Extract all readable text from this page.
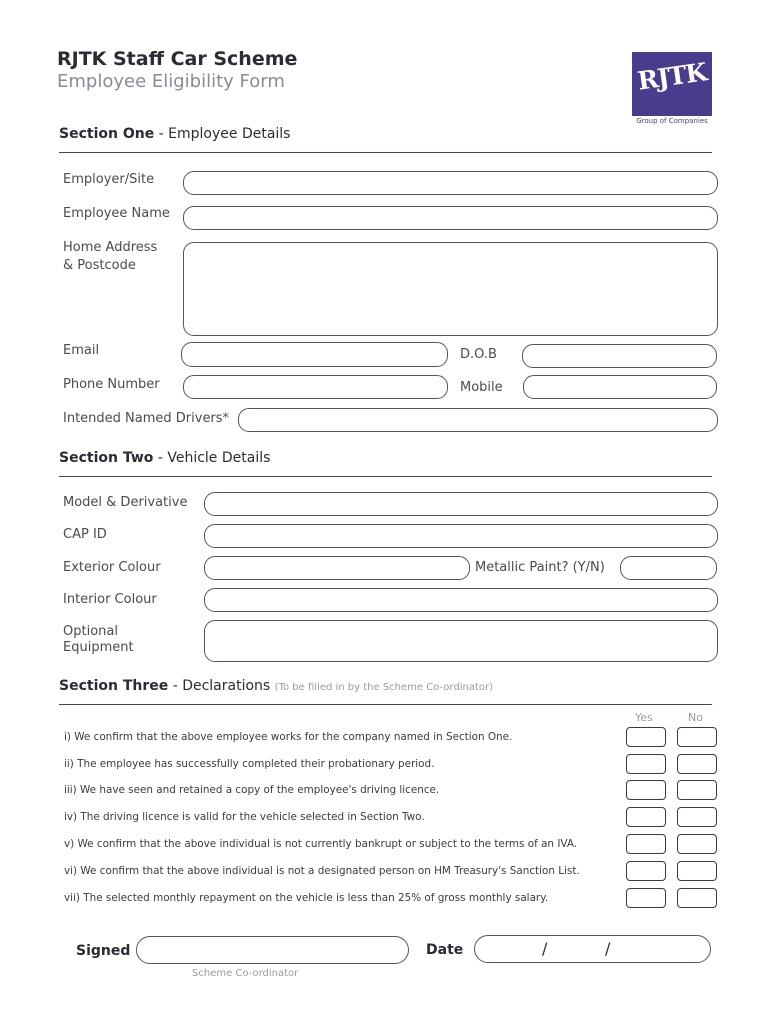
RJTK Staff Car Scheme
Employee Eligibility Form	RJTK
Group of Companies
Section One - Employee Details
Employer/Site
Employee Name
Home Address
& Postcode
Email	D.O.B
Phone Number	Mobile
Intended Named Drivers*
Section Two - Vehicle Details
Model & Derivative
CAP ID
Exterior Colour	Metallic Paint? (Y/N)
Interior Colour
Optional
Equipment
Section Three - Declarations (To be filled in by the Scheme Co-ordinator)
Yes	No
i) We confirm that the above employee works for the company named in Section One.
ii) The employee has successfully completed their probationary period.
iii) We have seen and retained a copy of the employee's driving licence.
iv) The driving licence is valid for the vehicle selected in Section Two.
v) We confirm that the above individual is not currently bankrupt or subject to the terms of an IVA.
vi) We confirm that the above individual is not a designated person on HM Treasury's Sanction List.
vii) The selected monthly repayment on the vehicle is less than 25% of gross monthly salary.
Signed
Scheme Co-ordinator
Date	/	/
